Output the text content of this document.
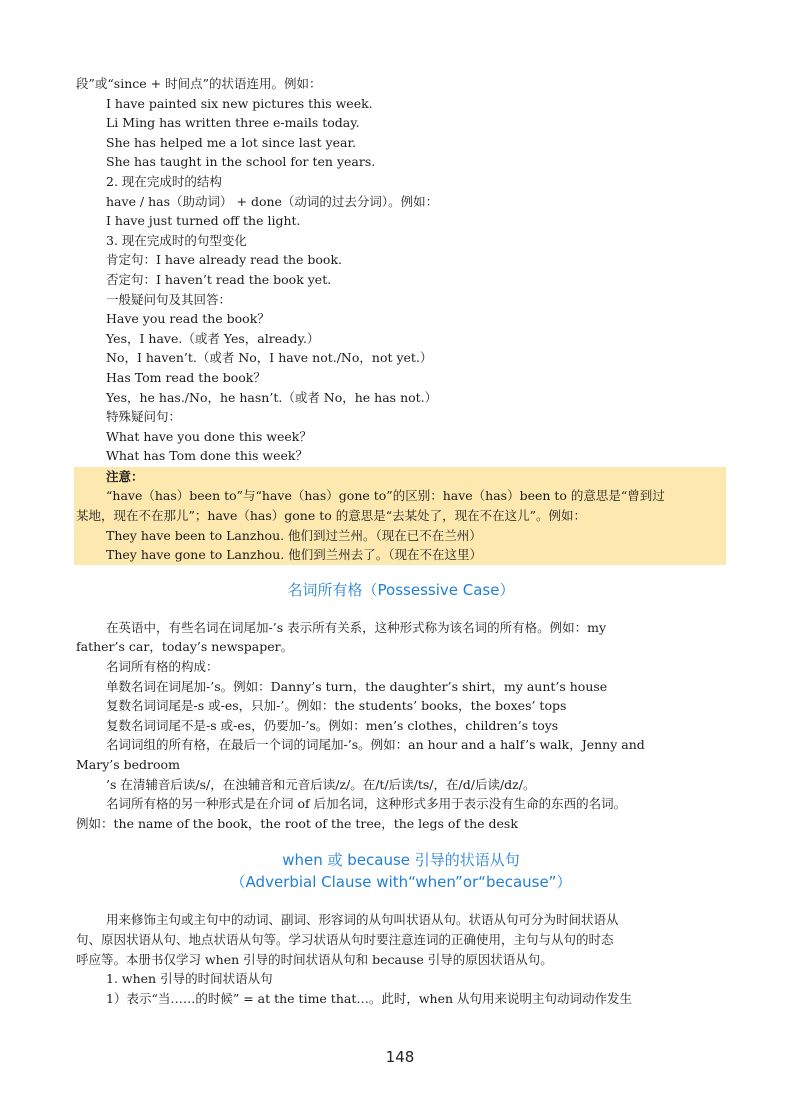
段”或“since + 时间点”的状语连用。例如：
I have painted six new pictures this week.
Li Ming has written three e-mails today.
She has helped me a lot since last year.
She has taught in the school for ten years.
2. 现在完成时的结构
have / has（助动词） + done（动词的过去分词）。例如：
I have just turned off the light.
3. 现在完成时的句型变化
肯定句：I have already read the book.
否定句：I haven’t read the book yet.
一般疑问句及其回答：
Have you read the book？
Yes，I have.（或者 Yes，already.）
No，I haven’t.（或者 No，I have not./No，not yet.）
Has Tom read the book？
Yes，he has./No，he hasn’t.（或者 No，he has not.）
特殊疑问句：
What have you done this week？
What has Tom done this week？
注意：
“have（has）been to”与“have（has）gone to”的区别：have（has）been to 的意思是“曾到过
某地，现在不在那儿”；have（has）gone to 的意思是“去某处了，现在不在这儿”。例如：
They have been to Lanzhou. 他们到过兰州。（现在已不在兰州）
They have gone to Lanzhou. 他们到兰州去了。（现在不在这里）
名词所有格（Possessive Case）
在英语中，有些名词在词尾加-’s 表示所有关系，这种形式称为该名词的所有格。例如：my
father’s car，today’s newspaper。
名词所有格的构成：
单数名词在词尾加-’s。例如：Danny’s turn，the daughter’s shirt，my aunt’s house
复数名词词尾是-s 或-es，只加-’。例如：the students’ books，the boxes’ tops
复数名词词尾不是-s 或-es，仍要加-’s。例如：men’s clothes，children’s toys
名词词组的所有格，在最后一个词的词尾加-’s。例如：an hour and a half’s walk，Jenny and
Mary’s bedroom
’s 在清辅音后读/s/，在浊辅音和元音后读/z/。在/t/后读/ts/，在/d/后读/dz/。
名词所有格的另一种形式是在介词 of 后加名词，这种形式多用于表示没有生命的东西的名词。
例如：the name of the book，the root of the tree，the legs of the desk
when 或 because 引导的状语从句
（Adverbial Clause with“when”or“because”）
用来修饰主句或主句中的动词、副词、形容词的从句叫状语从句。状语从句可分为时间状语从
句、原因状语从句、地点状语从句等。学习状语从句时要注意连词的正确使用，主句与从句的时态
呼应等。本册书仅学习 when 引导的时间状语从句和 because 引导的原因状语从句。
1. when 引导的时间状语从句
1）表示“当……的时候” = at the time that…。此时，when 从句用来说明主句动词动作发生
148
